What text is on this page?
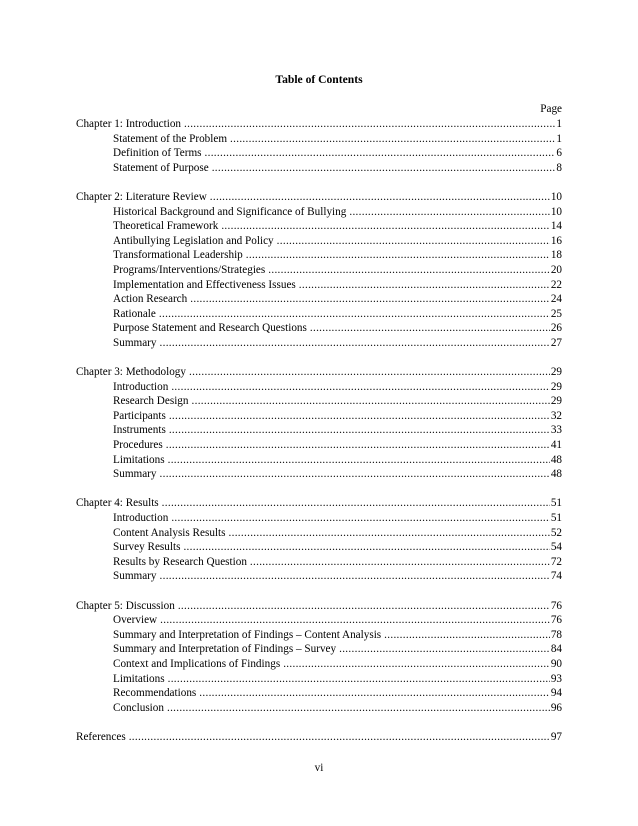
Table of Contents
Page
Chapter 1: Introduction .....	1
Statement of the Problem .....	1
Definition of Terms .....	6
Statement of Purpose .....	8
Chapter 2: Literature Review .....	10
Historical Background and Significance of Bullying .....	10
Theoretical Framework .....	14
Antibullying Legislation and Policy .....	16
Transformational Leadership .....	18
Programs/Interventions/Strategies .....	20
Implementation and Effectiveness Issues .....	22
Action Research .....	24
Rationale .....	25
Purpose Statement and Research Questions .....	26
Summary .....	27
Chapter 3: Methodology .....	29
Introduction .....	29
Research Design .....	29
Participants .....	32
Instruments .....	33
Procedures .....	41
Limitations .....	48
Summary .....	48
Chapter 4: Results .....	51
Introduction .....	51
Content Analysis Results .....	52
Survey Results .....	54
Results by Research Question .....	72
Summary .....	74
Chapter 5: Discussion .....	76
Overview .....	76
Summary and Interpretation of Findings – Content Analysis .....	78
Summary and Interpretation of Findings – Survey .....	84
Context and Implications of Findings .....	90
Limitations .....	93
Recommendations .....	94
Conclusion .....	96
References .....	97
vi
